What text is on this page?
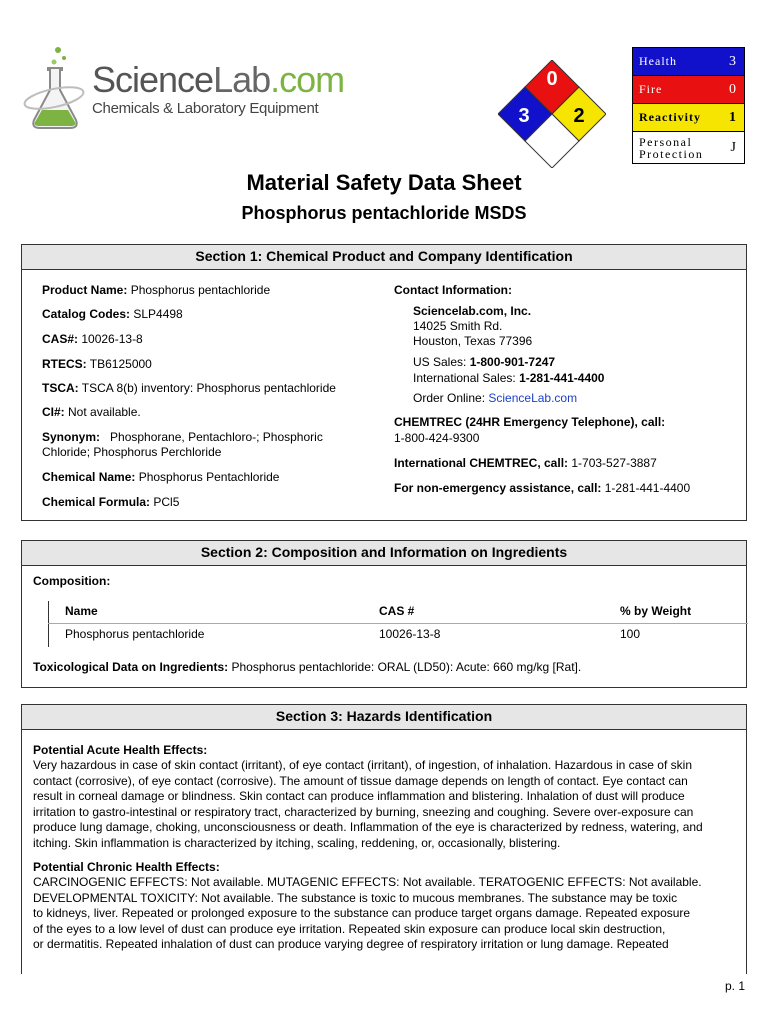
ScienceLab.com
Chemicals & Laboratory Equipment
0
3 2
Health	3
Fire	0
Reactivity 1
Personal
Protection J
Material Safety Data Sheet
Phosphorus pentachloride MSDS
Section 1: Chemical Product and Company Identification
Product Name: Phosphorus pentachloride
Catalog Codes: SLP4498
CAS#: 10026-13-8
RTECS: TB6125000
TSCA: TSCA 8(b) inventory: Phosphorus pentachloride
CI#: Not available.
Synonym:   Phosphorane, Pentachloro-; Phosphoric
Chloride; Phosphorus Perchloride
Chemical Name: Phosphorus Pentachloride
Chemical Formula: PCl5
Contact Information:
Sciencelab.com, Inc.
14025 Smith Rd.
Houston, Texas 77396
US Sales: 1-800-901-7247
International Sales: 1-281-441-4400
Order Online: ScienceLab.com
CHEMTREC (24HR Emergency Telephone), call:
1-800-424-9300
International CHEMTREC, call: 1-703-527-3887
For non-emergency assistance, call: 1-281-441-4400
Section 2: Composition and Information on Ingredients
Composition:
Name	CAS #	% by Weight
Phosphorus pentachloride	10026-13-8	100
Toxicological Data on Ingredients: Phosphorus pentachloride: ORAL (LD50): Acute: 660 mg/kg [Rat].
Section 3: Hazards Identification
Potential Acute Health Effects:
Very hazardous in case of skin contact (irritant), of eye contact (irritant), of ingestion, of inhalation. Hazardous in case of skin
contact (corrosive), of eye contact (corrosive). The amount of tissue damage depends on length of contact. Eye contact can
result in corneal damage or blindness. Skin contact can produce inflammation and blistering. Inhalation of dust will produce
irritation to gastro-intestinal or respiratory tract, characterized by burning, sneezing and coughing. Severe over-exposure can
produce lung damage, choking, unconsciousness or death. Inflammation of the eye is characterized by redness, watering, and
itching. Skin inflammation is characterized by itching, scaling, reddening, or, occasionally, blistering.
Potential Chronic Health Effects:
CARCINOGENIC EFFECTS: Not available. MUTAGENIC EFFECTS: Not available. TERATOGENIC EFFECTS: Not available.
DEVELOPMENTAL TOXICITY: Not available. The substance is toxic to mucous membranes. The substance may be toxic
to kidneys, liver. Repeated or prolonged exposure to the substance can produce target organs damage. Repeated exposure
of the eyes to a low level of dust can produce eye irritation. Repeated skin exposure can produce local skin destruction,
or dermatitis. Repeated inhalation of dust can produce varying degree of respiratory irritation or lung damage. Repeated
p. 1
